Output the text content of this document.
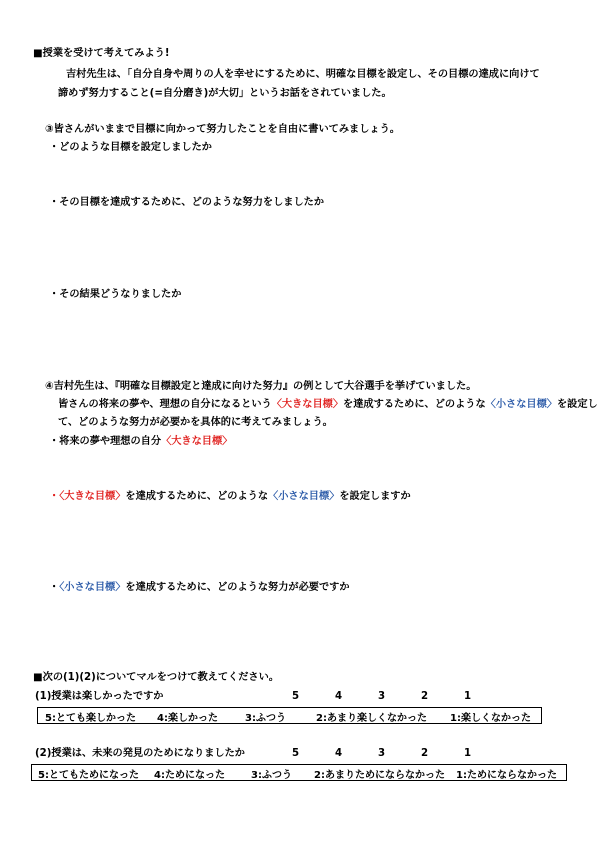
■授業を受けて考えてみよう!
吉村先生は、「自分自身や周りの人を幸せにするために、明確な目標を設定し、その目標の達成に向けて
諦めず努力すること(=自分磨き)が大切」というお話をされていました。
③皆さんがいままで目標に向かって努力したことを自由に書いてみましょう。
・どのような目標を設定しましたか
・その目標を達成するために、どのような努力をしましたか
・その結果どうなりましたか
④吉村先生は、『明確な目標設定と達成に向けた努力』の例として大谷選手を挙げていました。
皆さんの将来の夢や、理想の自分になるという〈大きな目標〉を達成するために、どのような〈小さな目標〉を設定し
て、どのような努力が必要かを具体的に考えてみましょう。
・将来の夢や理想の自分〈大きな目標〉
・〈大きな目標〉を達成するために、どのような〈小さな目標〉を設定しますか
・〈小さな目標〉を達成するために、どのような努力が必要ですか
■次の(1)(2)についてマルをつけて教えてください。
(1)授業は楽しかったですか	5	4	3	2	1
5:とても楽しかった 4:楽しかった	3:ふつう	2:あまり楽しくなかった 1:楽しくなかった
(2)授業は、未来の発見のためになりましたか	5	4	3	2	1
5:とてもためになった 4:ためになった	3:ふつう 2:あまりためにならなかった 1:ためにならなかった
